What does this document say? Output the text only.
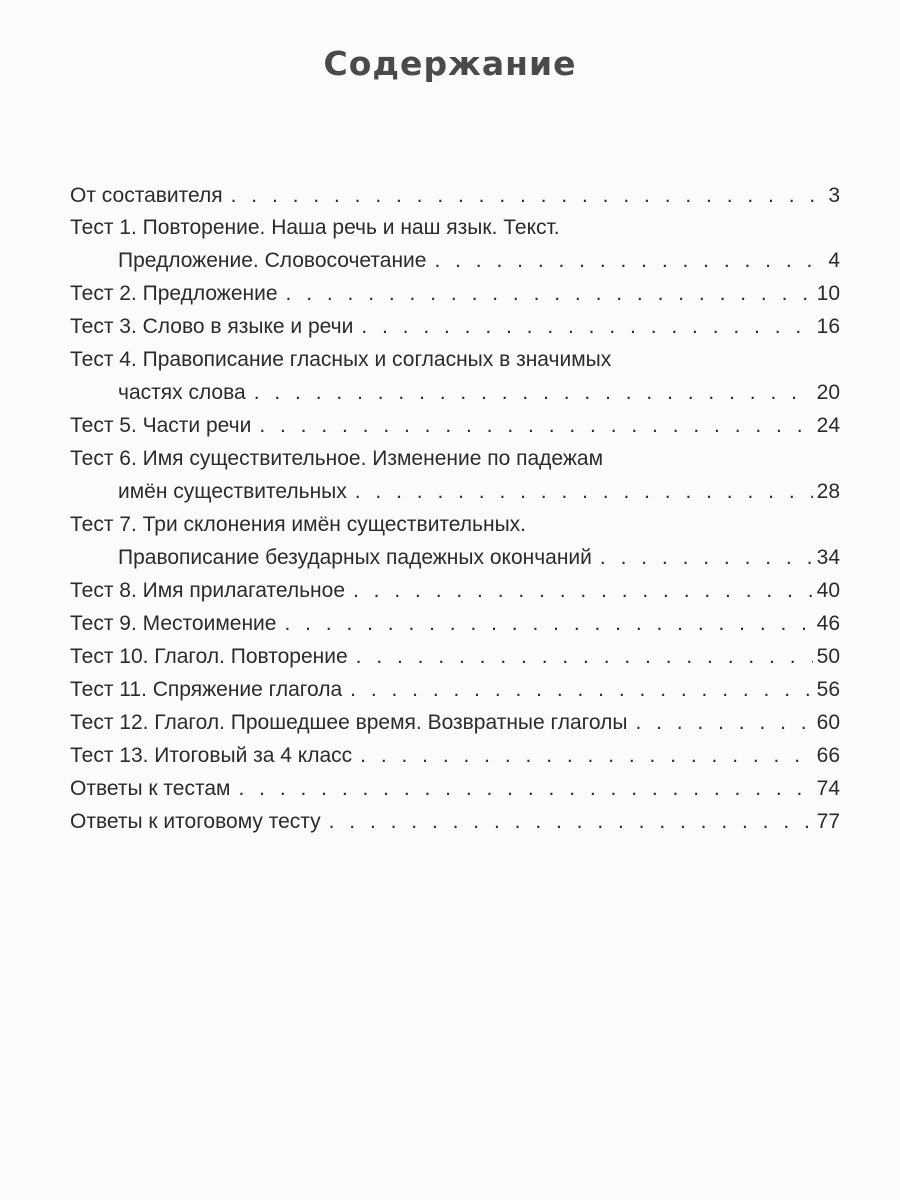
Содержание
От составителя . . .	3
Тест 1. Повторение. Наша речь и наш язык. Текст.
Предложение. Словосочетание . . .	4
Тест 2. Предложение . . .	10
Тест 3. Слово в языке и речи . . .	16
Тест 4. Правописание гласных и согласных в значимых
частях слова . . .	20
Тест 5. Части речи . . .	24
Тест 6. Имя существительное. Изменение по падежам
имён существительных . . .	28
Тест 7. Три склонения имён существительных.
Правописание безударных падежных окончаний . . .	34
Тест 8. Имя прилагательное . . .	40
Тест 9. Местоимение . . .	46
Тест 10. Глагол. Повторение . . .	50
Тест 11. Спряжение глагола . . .	56
Тест 12. Глагол. Прошедшее время. Возвратные глаголы . . .	60
Тест 13. Итоговый за 4 класс . . .	66
Ответы к тестам . . .	74
Ответы к итоговому тесту . . .	77
